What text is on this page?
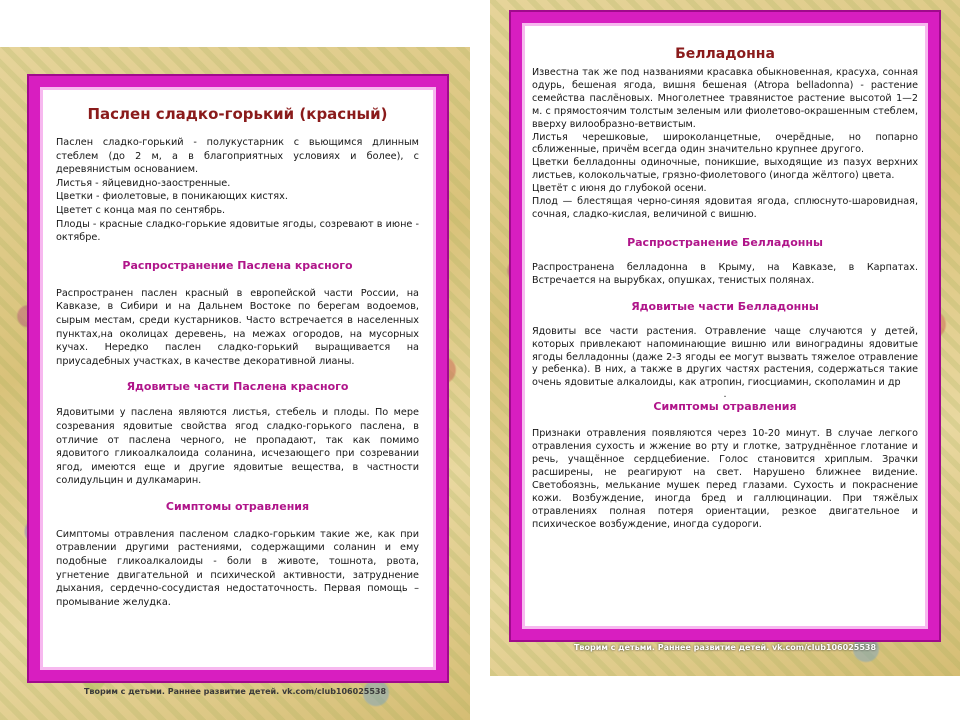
Паслен сладко-горький (красный)

Паслен сладко-горький - полукустарник с вьющимся длинным стеблем (до 2 м, а в благоприятных условиях и более), с деревянистым основанием.

Листья - яйцевидно-заостренные.

Цветки - фиолетовые, в поникающих кистях.

Цветет с конца мая по сентябрь.

Плоды - красные сладко-горькие ядовитые ягоды, созревают в июне - октябре.

Распространение Паслена красного

Распространен паслен красный в европейской части России, на Кавказе, в Сибири и на Дальнем Востоке по берегам водоемов, сырым местам, среди кустарников. Часто встречается в населенных пунктах,на околицах деревень, на межах огородов, на мусорных кучах. Нередко паслен сладко-горький выращивается на приусадебных участках, в качестве декоративной лианы.

Ядовитые части Паслена красного

Ядовитыми у паслена являются листья, стебель и плоды. По мере созревания ядовитые свойства ягод сладко-горького паслена, в отличие от паслена черного, не пропадают, так как помимо ядовитого гликоалкалоида соланина, исчезающего при созревании ягод, имеются еще и другие ядовитые вещества, в частности солидульцин и дулкамарин.

Симптомы отравления

Симптомы отравления пасленом сладко-горьким такие же, как при отравлении другими растениями, содержащими соланин и ему подобные гликоалкалоиды - боли в животе, тошнота, рвота, угнетение двигательной и психической активности, затруднение дыхания, сердечно-сосудистая недостаточность. Первая помощь – промывание желудка.

Творим с детьми. Раннее развитие детей. vk.com/club106025538
Белладонна

Известна так же под названиями красавка обыкновенная, красуха, сонная одурь, бешеная ягода, вишня бешеная (Atropa belladonna) - растение семейства паслёновых. Многолетнее травянистое растение высотой 1—2 м. с прямостоячим толстым зеленым или фиолетово-окрашенным стеблем, вверху вилообразно-ветвистым.

Листья черешковые, широколанцетные, очерёдные, но попарно сближенные, причём всегда один значительно крупнее другого.

Цветки белладонны одиночные, поникшие, выходящие из пазух верхних листьев, колокольчатые, грязно-фиолетового (иногда жёлтого) цвета.

Цветёт с июня до глубокой осени.

Плод — блестящая черно-синяя ядовитая ягода, сплюснуто-шаровидная, сочная, сладко-кислая, величиной с вишню.

Распространение Белладонны

Распространена белладонна в Крыму, на Кавказе, в Карпатах. Встречается на вырубках, опушках, тенистых полянах.

Ядовитые части Белладонны

Ядовиты все части растения. Отравление чаще случаются у детей, которых привлекают напоминающие вишню или виноградины ядовитые ягоды белладонны (даже 2-3 ягоды ее могут вызвать тяжелое отравление у ребенка). В них, а также в других частях растения, содержаться такие очень ядовитые алкалоиды, как атропин, гиосциамин, скополамин и др

.

Симптомы отравления

Признаки отравления появляются через 10-20 минут. В случае легкого отравления сухость и жжение во рту и глотке, затруднённое глотание и речь, учащённое сердцебиение. Голос становится хриплым. Зрачки расширены, не реагируют на свет. Нарушено ближнее видение. Светобоязнь, мелькание мушек перед глазами. Сухость и покраснение кожи. Возбуждение, иногда бред и галлюцинации. При тяжёлых отравлениях полная потеря ориентации, резкое двигательное и психическое возбуждение, иногда судороги.

Творим с детьми. Раннее развитие детей. vk.com/club106025538
